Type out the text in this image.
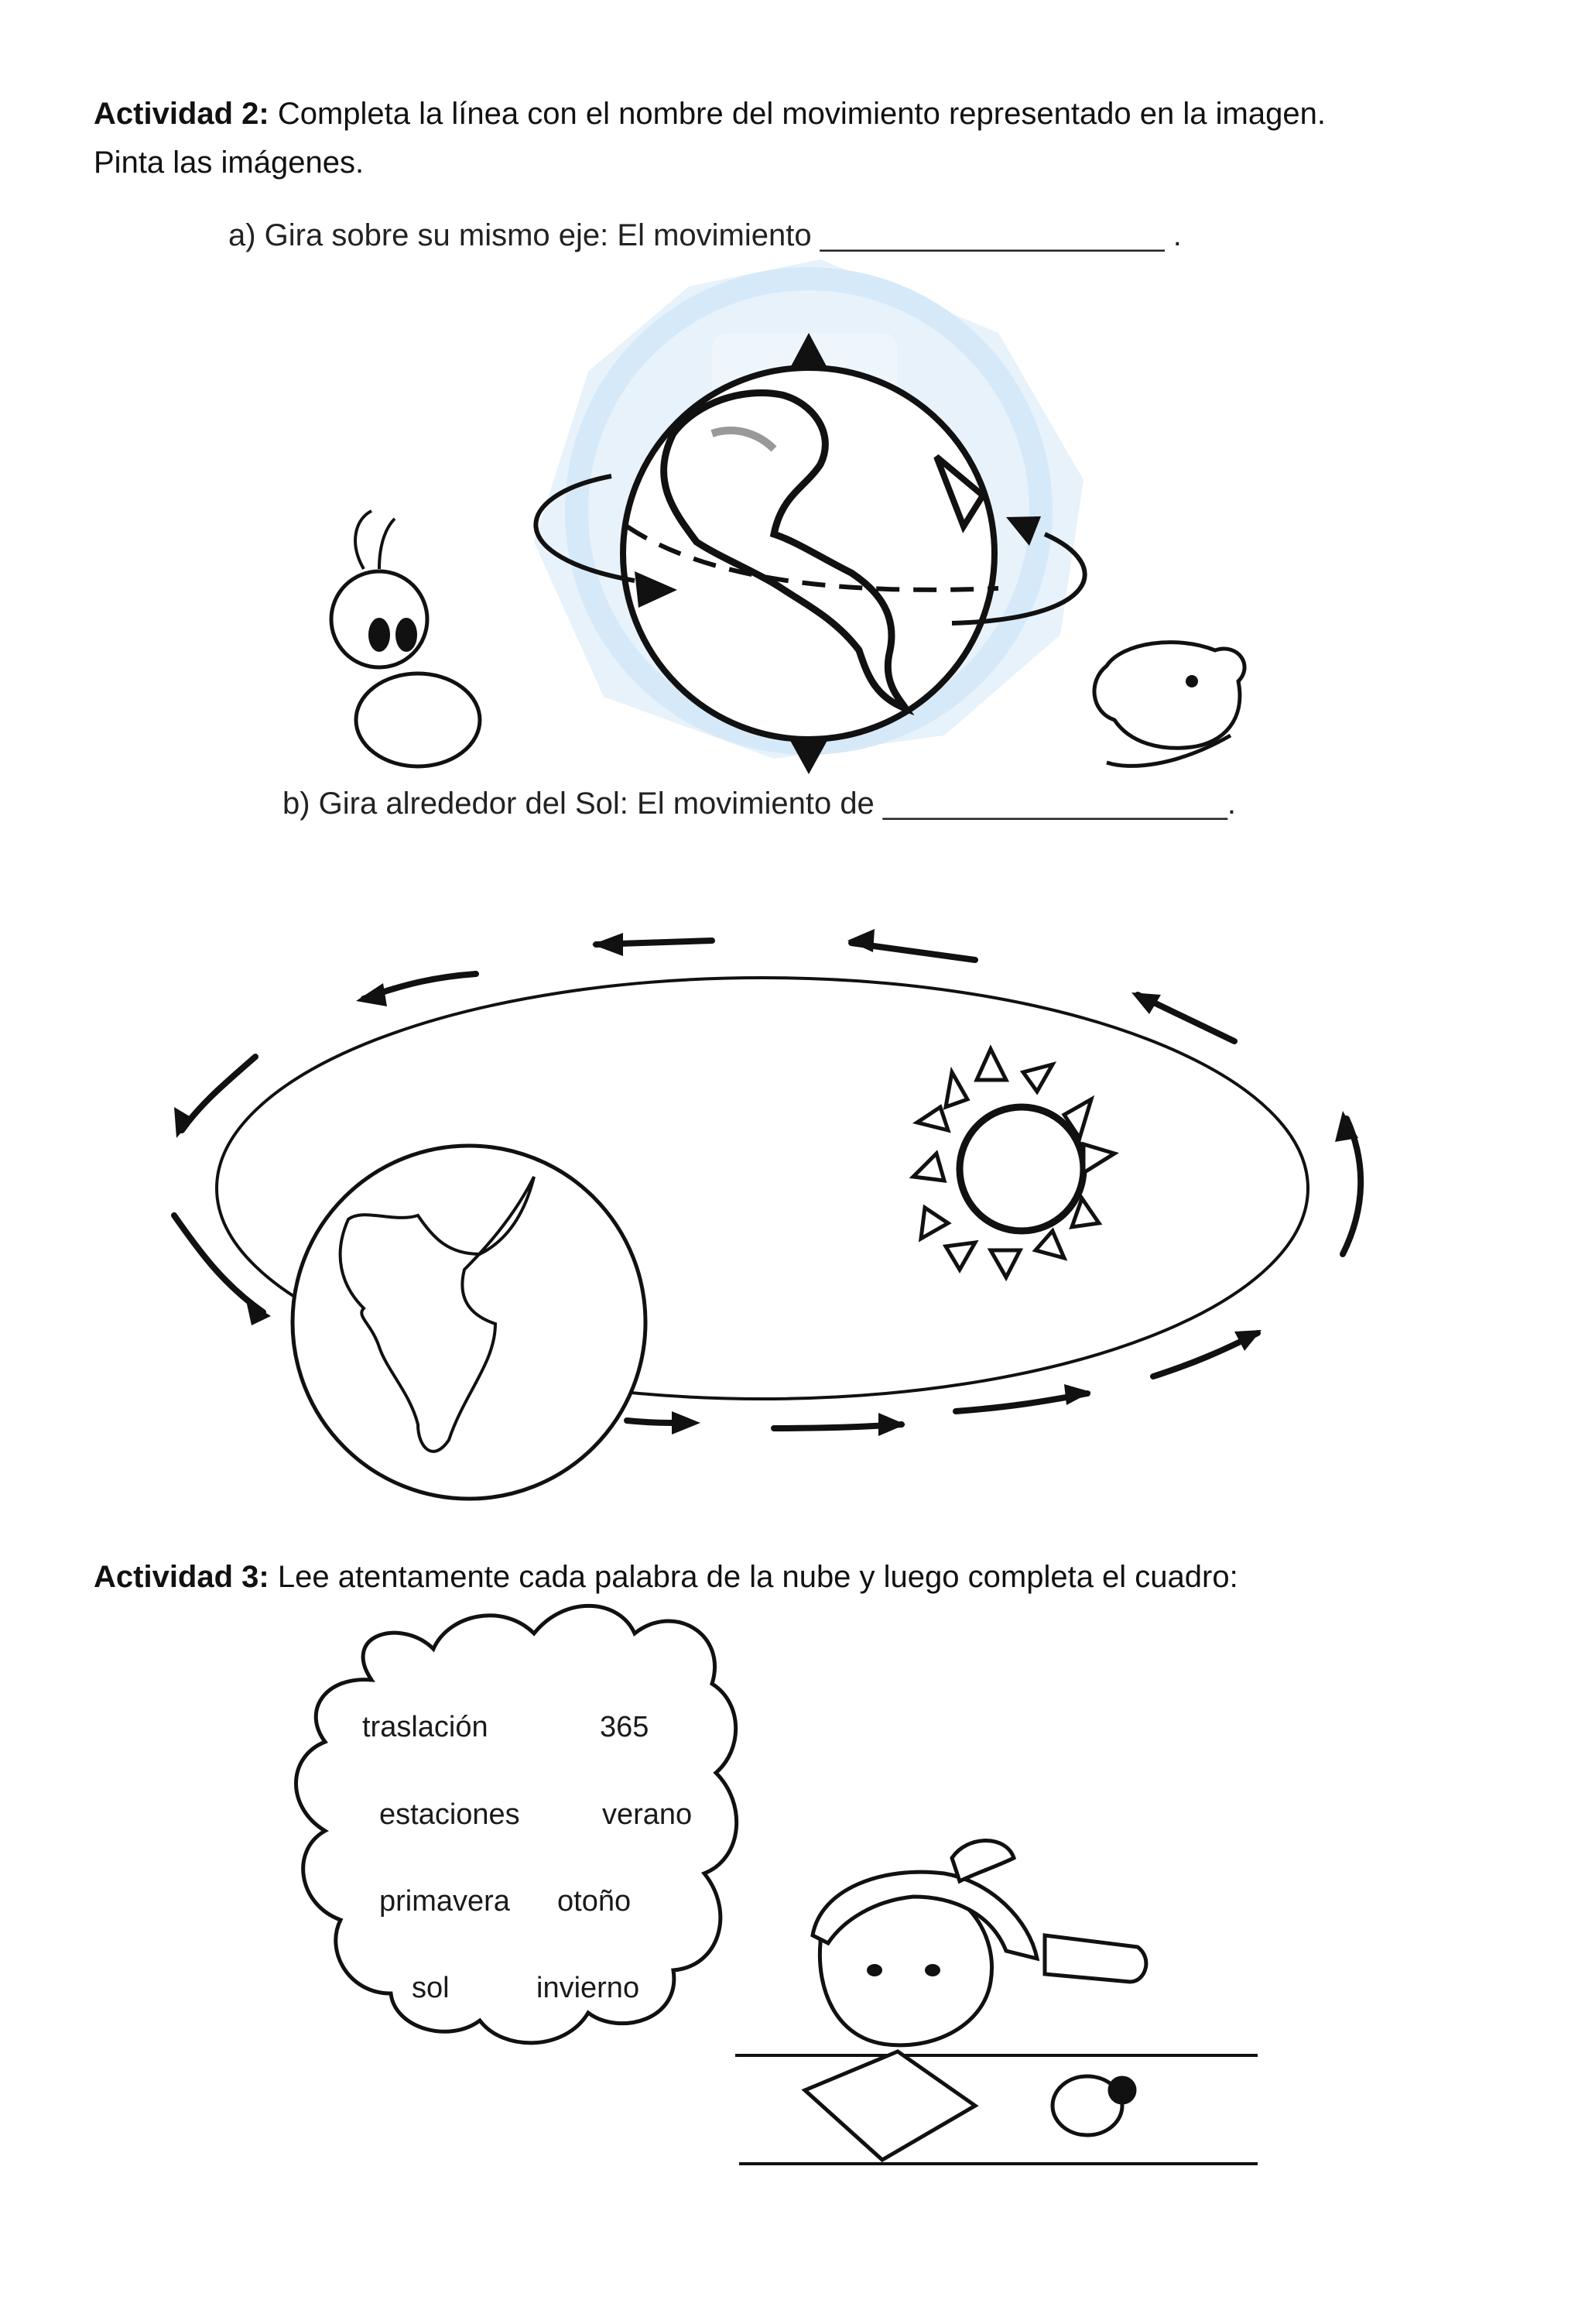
Actividad 2: Completa la línea con el nombre del movimiento representado en la imagen.
Pinta las imágenes.
a) Gira sobre su mismo eje: El movimiento ____________________ .
b) Gira alrededor del Sol: El movimiento de ____________________.
Actividad 3: Lee atentamente cada palabra de la nube y luego completa el cuadro:
traslación	365
estaciones	verano
primavera otoño
sol	invierno
